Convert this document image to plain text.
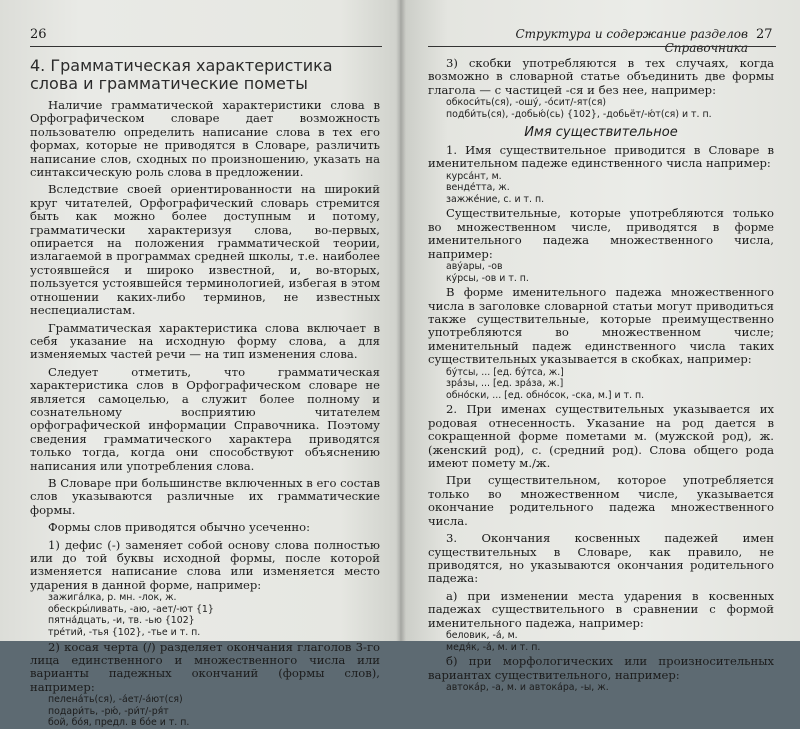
26
4. Грамматическая характеристика слова и грамматические пометы

Наличие грамматической характеристики слова в Орфографическом словаре дает возможность пользователю определить написание слова в тех его формах, которые не приводятся в Словаре, различить написание слов, сходных по произношению, указать на синтаксическую роль слова в предложении.

Вследствие своей ориентированности на широкий круг читателей, Орфографический словарь стремится быть как можно более доступным и потому, грамматически характеризуя слова, во-первых, опирается на положения грамматической теории, излагаемой в программах средней школы, т.е. наиболее устоявшейся и широко известной, и, во-вторых, пользуется устоявшейся терминологией, избегая в этом отношении каких-либо терминов, не известных неспециалистам.

Грамматическая характеристика слова включает в себя указание на исходную форму слова, а для изменяемых частей речи — на тип изменения слова.

Следует отметить, что грамматическая характеристика слов в Орфографическом словаре не является самоцелью, а служит более полному и сознательному восприятию читателем орфографической информации Справочника. Поэтому сведения грамматического характера приводятся только тогда, когда они способствуют объяснению написания или употребления слова.

В Словаре при большинстве включенных в его состав слов указываются различные их грамматические формы.

Формы слов приводятся обычно усеченно:

1) дефис (-) заменяет собой основу слова полностью или до той буквы исходной формы, после которой изменяется написание слова или изменяется место ударения в данной форме, например:

зажига́лка, р. мн. -лок, ж.
обескры́ливать, -аю, -ает/-ют {1}
пятна́дцать, -и, тв. -ью {102}
тре́тий, -тья {102}, -тье и т. п.

2) косая черта (/) разделяет окончания глаголов 3-го лица единственного и множественного числа или варианты падежных окончаний (формы слов), например:

пелена́ть(ся), -а́ет/-а́ют(ся)
подари́ть, -рю́, -ри́т/-ря́т
бой, бо́я, предл. в бо́е и т. п.
Структура и содержание разделов Справочника
27

3) скобки употребляются в тех случаях, когда возможно в словарной статье объединить две формы глагола — с частицей -ся и без нее, например:

обкоси́ть(ся), -ошу́, -о́сит/-ят(ся)
подби́ть(ся), -добью́(сь) {102}, -добьёт/-ю́т(ся) и т. п.
Имя существительное

1. Имя существительное приводится в Словаре в именительном падеже единственного числа например:

курса́нт, м.
венде́тта, ж.
зажже́ние, с. и т. п.

Существительные, которые употребляются только во множественном числе, приводятся в форме именительного падежа множественного числа, например:

аву́ары, -ов
ку́рсы, -ов и т. п.

В форме именительного падежа множественного числа в заголовке словарной статьи могут приводиться также существительные, которые преимущественно употребляются во множественном числе; именительный падеж единственного числа таких существительных указывается в скобках, например:

бу́тсы, ... [ед. бу́тса, ж.]
зра́зы, ... [ед. зра́за, ж.]
обно́ски, ... [ед. обно́сок, -ска, м.] и т. п.

2. При именах существительных указывается их родовая отнесенность. Указание на род дается в сокращенной форме пометами м. (мужской род), ж. (женский род), с. (средний род). Слова общего рода имеют помету м./ж.

При существительном, которое употребляется только во множественном числе, указывается окончание родительного падежа множественного числа.

3. Окончания косвенных падежей имен существительных в Словаре, как правило, не приводятся, но указываются окончания родительного падежа:

а) при изменении места ударения в косвенных падежах существительного в сравнении с формой именительного падежа, например:

беловик, -а́, м.
медя́к, -а́, м. и т. п.

б) при морфологических или произносительных вариантах существительного, например:

автока́р, -а, м. и автока́ра, -ы, ж.
